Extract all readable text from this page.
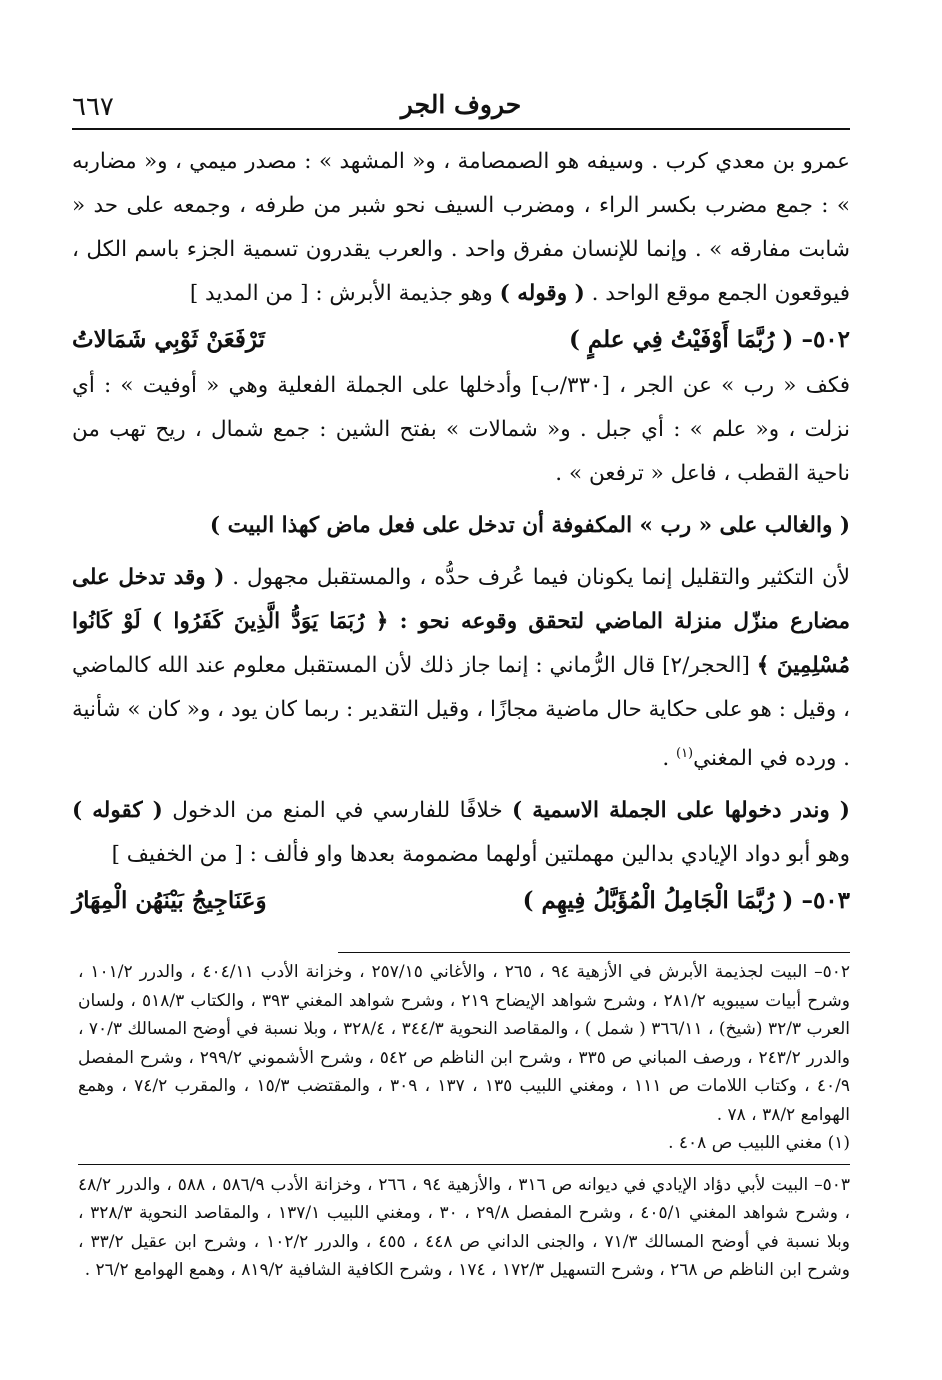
حروف الجر
٦٦٧

عمرو بن معدي كرب . وسيفه هو الصمصامة ، و« المشهد » : مصدر ميمي ، و« مضاربه » : جمع مضرب بكسر الراء ، ومضرب السيف نحو شبر من طرفه ، وجمعه على حد « شابت مفارقه » . وإنما للإنسان مفرق واحد . والعرب يقدرون تسمية الجزء باسم الكل ، فيوقعون الجمع موقع الواحد . ( وقوله ) وهو جذيمة الأبرش : [ من المديد ]

٥٠٢–
( رُبَّمَا أَوْفَيْتُ فِي علمٍ )
تَرْفَعَنْ ثَوْبِي شَمَالاتُ

فكف « رب » عن الجر ، [٣٣٠/ب] وأدخلها على الجملة الفعلية وهي « أوفيت » : أي نزلت ، و« علم » : أي جبل . و« شمالات » بفتح الشين : جمع شمال ، ريح تهب من ناحية القطب ، فاعل « ترفعن » .

( والغالب على « رب » المكفوفة أن تدخل على فعل ماض كهذا البيت )

لأن التكثير والتقليل إنما يكونان فيما عُرف حدُّه ، والمستقبل مجهول . ( وقد تدخل على مضارع منزّل منزلة الماضي لتحقق وقوعه نحو : ﴿ رُبَمَا يَوَدُّ الَّذِينَ كَفَرُوا ) لَوْ كَانُوا مُسْلِمِينَ ﴾ [الحجر/٢] قال الرُّماني : إنما جاز ذلك لأن المستقبل معلوم عند الله كالماضي ، وقيل : هو على حكاية حال ماضية مجازًا ، وقيل التقدير : ربما كان يود ، و« كان » شأنية . ورده في المغني$^{(١)}$ .

( وندر دخولها على الجملة الاسمية ) خلافًا للفارسي في المنع من الدخول ( كقوله ) وهو أبو دواد الإيادي بدالين مهملتين أولهما مضمومة بعدها واو فألف : [ من الخفيف ]

٥٠٣–
( رُبَّمَا الْجَامِلُ الْمُؤَبَّلُ فِيهِم )
وَعَنَاجِيجُ بَيْنَهُن الْمِهَارُ

٥٠٢– البيت لجذيمة الأبرش في الأزهية ٩٤ ، ٢٦٥ ، والأغاني ٢٥٧/١٥ ، وخزانة الأدب ٤٠٤/١١ ، والدرر ١٠١/٢ ، وشرح أبيات سيبويه ٢٨١/٢ ، وشرح شواهد الإيضاح ٢١٩ ، وشرح شواهد المغني ٣٩٣ ، والكتاب ٥١٨/٣ ، ولسان العرب ٣٢/٣ (شيخ) ، ٣٦٦/١١ ( شمل ) ، والمقاصد النحوية ٣٤٤/٣ ، ٣٢٨/٤ ، وبلا نسبة في أوضح المسالك ٧٠/٣ ، والدرر ٢٤٣/٢ ، ورصف المباني ص ٣٣٥ ، وشرح ابن الناظم ص ٥٤٢ ، وشرح الأشموني ٢٩٩/٢ ، وشرح المفصل ٤٠/٩ ، وكتاب اللامات ص ١١١ ، ومغني اللبيب ١٣٥ ، ١٣٧ ، ٣٠٩ ، والمقتضب ١٥/٣ ، والمقرب ٧٤/٢ ، وهمع الهوامع ٣٨/٢ ، ٧٨ .

(١) مغني اللبيب ص ٤٠٨ .

٥٠٣– البيت لأبي دؤاد الإيادي في ديوانه ص ٣١٦ ، والأزهية ٩٤ ، ٢٦٦ ، وخزانة الأدب ٥٨٦/٩ ، ٥٨٨ ، والدرر ٤٨/٢ ، وشرح شواهد المغني ٤٠٥/١ ، وشرح المفصل ٢٩/٨ ، ٣٠ ، ومغني اللبيب ١٣٧/١ ، والمقاصد النحوية ٣٢٨/٣ ، وبلا نسبة في أوضح المسالك ٧١/٣ ، والجنى الداني ص ٤٤٨ ، ٤٥٥ ، والدرر ١٠٢/٢ ، وشرح ابن عقيل ٣٣/٢ ، وشرح ابن الناظم ص ٢٦٨ ، وشرح التسهيل ١٧٢/٣ ، ١٧٤ ، وشرح الكافية الشافية ٨١٩/٢ ، وهمع الهوامع ٢٦/٢ .
